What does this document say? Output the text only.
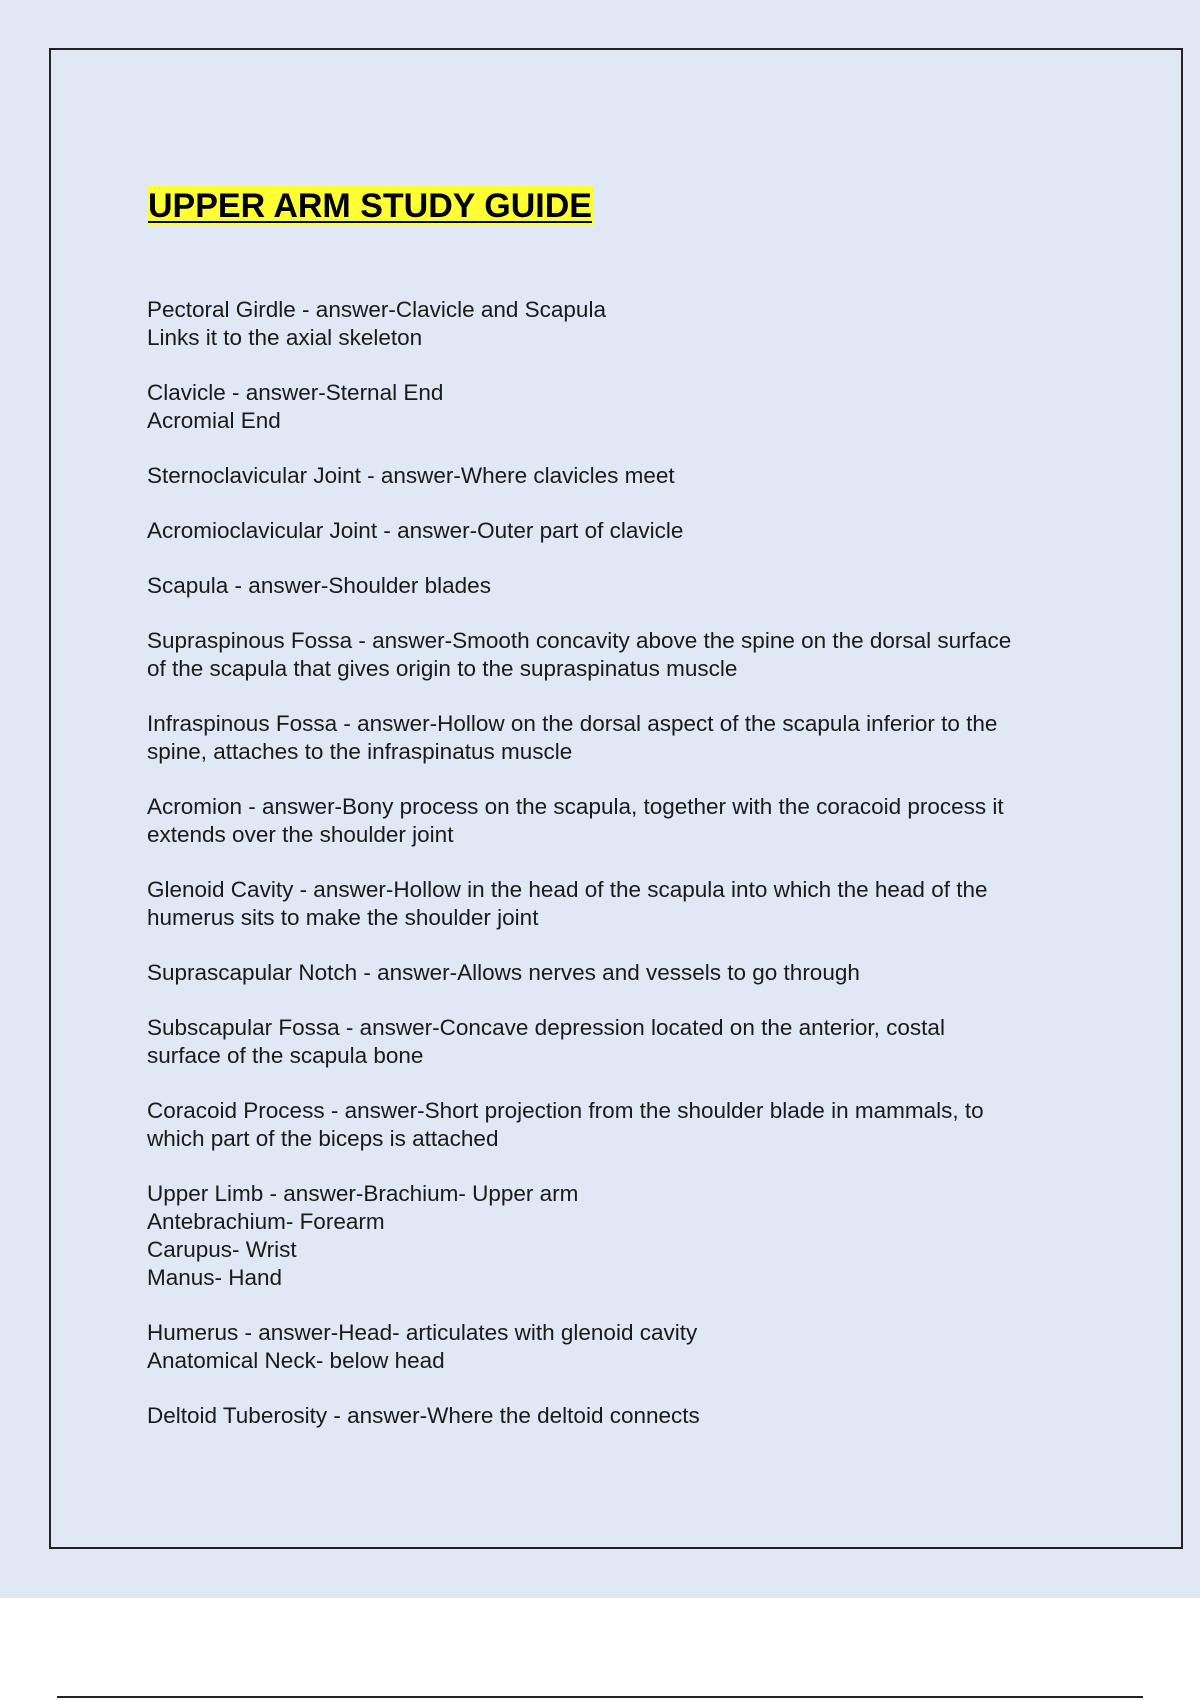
UPPER ARM STUDY GUIDE
Pectoral Girdle - answer-Clavicle and Scapula
Links it to the axial skeleton
Clavicle - answer-Sternal End
Acromial End
Sternoclavicular Joint - answer-Where clavicles meet
Acromioclavicular Joint - answer-Outer part of clavicle
Scapula - answer-Shoulder blades
Supraspinous Fossa - answer-Smooth concavity above the spine on the dorsal surface
of the scapula that gives origin to the supraspinatus muscle
Infraspinous Fossa - answer-Hollow on the dorsal aspect of the scapula inferior to the
spine, attaches to the infraspinatus muscle
Acromion - answer-Bony process on the scapula, together with the coracoid process it
extends over the shoulder joint
Glenoid Cavity - answer-Hollow in the head of the scapula into which the head of the
humerus sits to make the shoulder joint
Suprascapular Notch - answer-Allows nerves and vessels to go through
Subscapular Fossa - answer-Concave depression located on the anterior, costal
surface of the scapula bone
Coracoid Process - answer-Short projection from the shoulder blade in mammals, to
which part of the biceps is attached
Upper Limb - answer-Brachium- Upper arm
Antebrachium- Forearm
Carupus- Wrist
Manus- Hand
Humerus - answer-Head- articulates with glenoid cavity
Anatomical Neck- below head
Deltoid Tuberosity - answer-Where the deltoid connects
